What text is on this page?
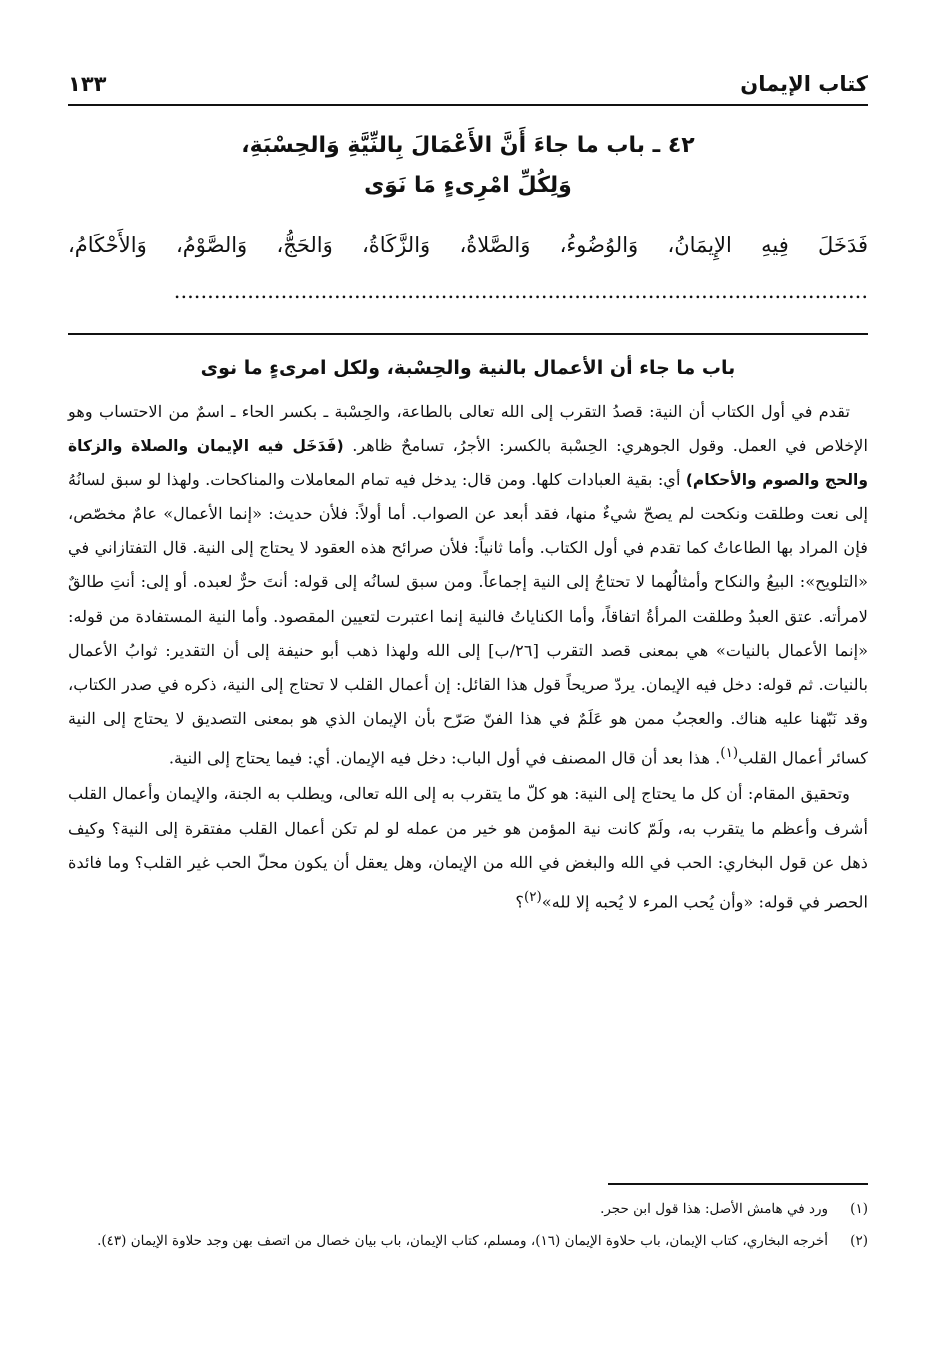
كتاب الإيمان
١٣٣
٤٢ ـ باب ما جاءَ أَنَّ الأَعْمَالَ بِالنِّيَّةِ وَالحِسْبَةِ،
وَلِكُلِّ امْرِىءٍ مَا نَوَى
فَدَخَلَ فِيهِ الإِيمَانُ، وَالوُضُوءُ، وَالصَّلاةُ، وَالزَّكَاةُ، وَالحَجُّ، وَالصَّوْمُ، وَالأَحْكَامُ، ........................................................................................................
باب ما جاء أن الأعمال بالنية والحِسْبة، ولكل امرىءٍ ما نوى

تقدم في أول الكتاب أن النية: قصدُ التقرب إلى الله تعالى بالطاعة، والحِسْبة ـ بكسر الحاء ـ اسمٌ من الاحتساب وهو الإخلاص في العمل. وقول الجوهري: الحِسْبة بالكسر: الأجرُ، تسامحٌ ظاهر. (فَدَخَل فيه الإيمان والصلاة والزكاة والحج والصوم والأحكام) أي: بقية العبادات كلها. ومن قال: يدخل فيه تمام المعاملات والمناكحات. ولهذا لو سبق لسانُهُ إلى نعت وطلقت ونكحت لم يصحّ شيءٌ منها، فقد أبعد عن الصواب. أما أولاً: فلأن حديث: «إنما الأعمال» عامٌ مخصّص، فإن المراد بها الطاعاتُ كما تقدم في أول الكتاب. وأما ثانياً: فلأن صرائح هذه العقود لا يحتاج إلى النية. قال التفتازاني في «التلويح»: البيعُ والنكاح وأمثالُهما لا تحتاجُ إلى النية إجماعاً. ومن سبق لسانُه إلى قوله: أنتَ حرٌّ لعبده. أو إلى: أنتِ طالقٌ لامرأته. عتق العبدُ وطلقت المرأةُ اتفاقاً، وأما الكناياتُ فالنية إنما اعتبرت لتعيين المقصود. وأما النية المستفادة من قوله: «إنما الأعمال بالنيات» هي بمعنى قصد التقرب [٢٦/ب] إلى الله ولهذا ذهب أبو حنيفة إلى أن التقدير: ثوابُ الأعمال بالنيات. ثم قوله: دخل فيه الإيمان. يردّ صريحاً قول هذا القائل: إن أعمال القلب لا تحتاج إلى النية، ذكره في صدر الكتاب، وقد نَبّهنا عليه هناك. والعجبُ ممن هو عَلَمٌ في هذا الفنّ صَرّح بأن الإيمان الذي هو بمعنى التصديق لا يحتاج إلى النية كسائر أعمال القلب$^{(١)}$. هذا بعد أن قال المصنف في أول الباب: دخل فيه الإيمان. أي: فيما يحتاج إلى النية.

وتحقيق المقام: أن كل ما يحتاج إلى النية: هو كلّ ما يتقرب به إلى الله تعالى، ويطلب به الجنة، والإيمان وأعمال القلب أشرف وأعظم ما يتقرب به، ولَمّ كانت نية المؤمن هو خير من عمله لو لم تكن أعمال القلب مفتقرة إلى النية؟ وكيف ذهل عن قول البخاري: الحب في الله والبغض في الله من الإيمان، وهل يعقل أن يكون محلّ الحب غير القلب؟ وما فائدة الحصر في قوله: «وأن يُحب المرء لا يُحبه إلا لله»$^{(٢)}$؟

(١)
ورد في هامش الأصل: هذا قول ابن حجر.
(٢)
أخرجه البخاري، كتاب الإيمان، باب حلاوة الإيمان (١٦)، ومسلم، كتاب الإيمان، باب بيان خصال من اتصف بهن وجد حلاوة الإيمان (٤٣).
